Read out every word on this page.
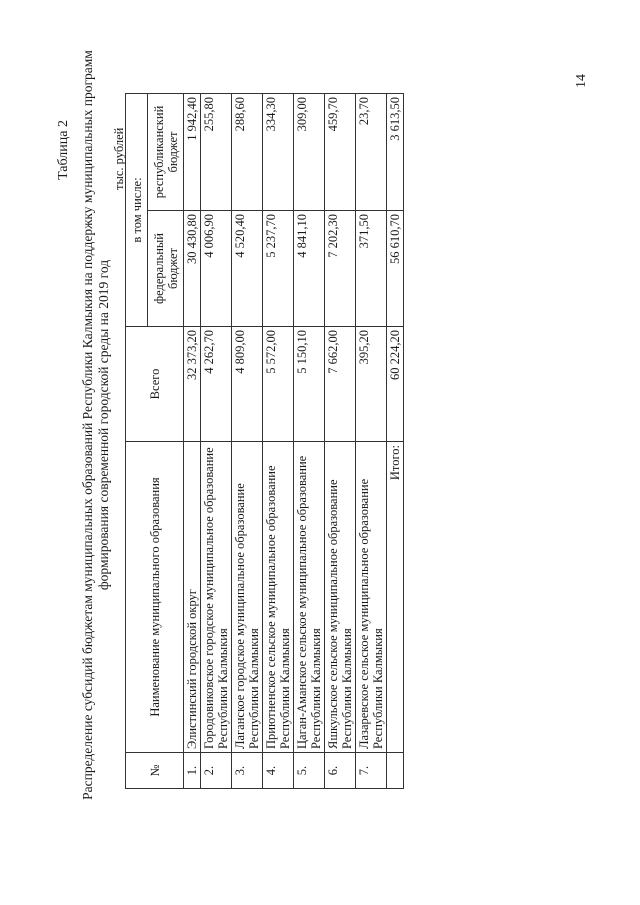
14
Таблица 2 Распределение субсидий бюджетам муниципальных образований Республики Калмыкия на поддержку муниципальных программ формирования современной городской среды на 2019 год
тыс. рублей
№	Наименование муниципального образования	Всего	в том числе:	
			федеральный бюджет	республиканский бюджет
1.	Элистинский городской округ	32 373,20	30 430,80	1 942,40
2.	Городовиковское городское муниципальное образование Республики Калмыкия	4 262,70	4 006,90	255,80
3.	Лаганское городское муниципальное образование Республики Калмыкия	4 809,00	4 520,40	288,60
4.	Приютненское сельское муниципальное образование Республики Калмыкия	5 572,00	5 237,70	334,30
5.	Цаган-Аманское сельское муниципальное образование Республики Калмыкия	5 150,10	4 841,10	309,00
6.	Яшкульское сельское муниципальное образование Республики Калмыкия	7 662,00	7 202,30	459,70
7.	Лазаревское сельское муниципальное образование Республики Калмыкия	395,20	371,50	23,70
	Итого:	60 224,20	56 610,70	3 613,50
